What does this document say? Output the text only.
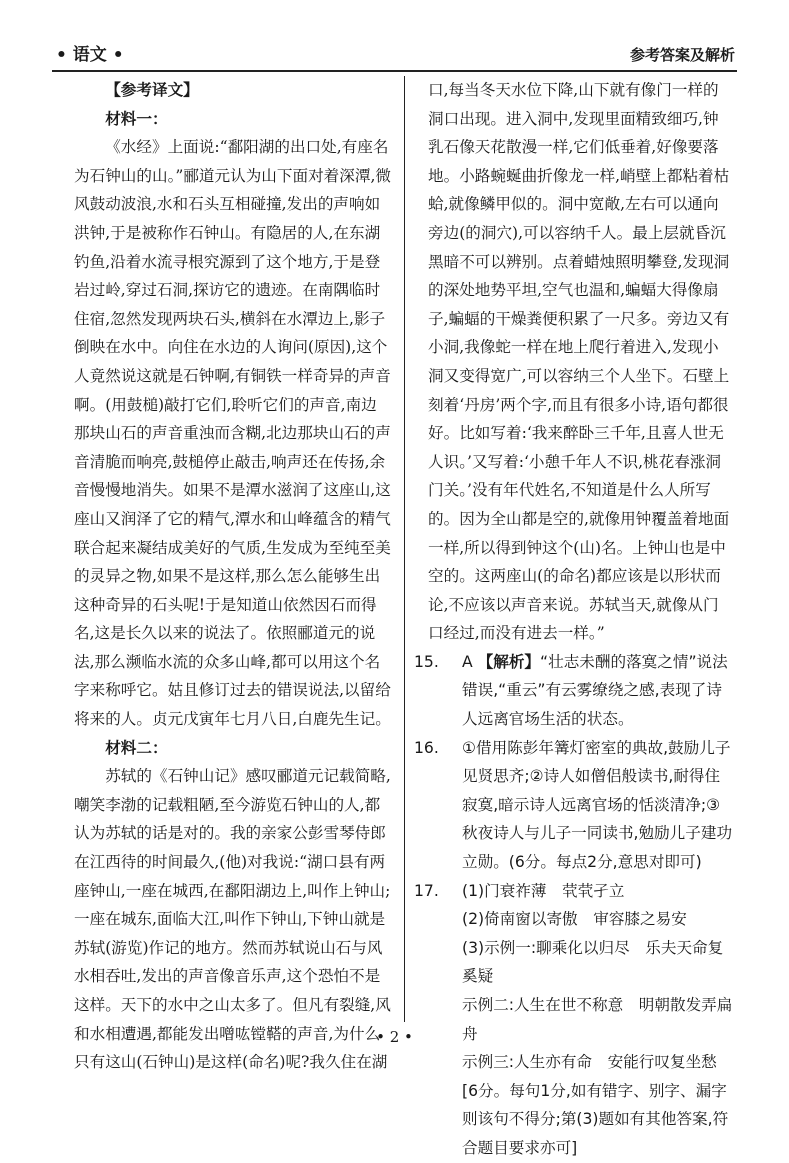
• 语文 •	参考答案及解析

【参考译文】

材料一：

《水经》上面说:“鄱阳湖的出口处,有座名为石钟山的山。”郦道元认为山下面对着深潭,微风鼓动波浪,水和石头互相碰撞,发出的声响如洪钟,于是被称作石钟山。有隐居的人,在东湖钓鱼,沿着水流寻根究源到了这个地方,于是登岩过岭,穿过石洞,探访它的遗迹。在南隅临时住宿,忽然发现两块石头,横斜在水潭边上,影子倒映在水中。向住在水边的人询问(原因),这个人竟然说这就是石钟啊,有铜铁一样奇异的声音啊。(用鼓槌)敲打它们,聆听它们的声音,南边那块山石的声音重浊而含糊,北边那块山石的声音清脆而响亮,鼓槌停止敲击,响声还在传扬,余音慢慢地消失。如果不是潭水滋润了这座山,这座山又润泽了它的精气,潭水和山峰蕴含的精气联合起来凝结成美好的气质,生发成为至纯至美的灵异之物,如果不是这样,那么怎么能够生出这种奇异的石头呢!于是知道山依然因石而得名,这是长久以来的说法了。依照郦道元的说法,那么濒临水流的众多山峰,都可以用这个名字来称呼它。姑且修订过去的错误说法,以留给将来的人。贞元戊寅年七月八日,白鹿先生记。

材料二：

苏轼的《石钟山记》感叹郦道元记载简略,嘲笑李渤的记载粗陋,至今游览石钟山的人,都认为苏轼的话是对的。我的亲家公彭雪琴侍郎在江西待的时间最久,(他)对我说:“湖口县有两座钟山,一座在城西,在鄱阳湖边上,叫作上钟山;一座在城东,面临大江,叫作下钟山,下钟山就是苏轼(游览)作记的地方。然而苏轼说山石与风水相吞吐,发出的声音像音乐声,这个恐怕不是这样。天下的水中之山太多了。但凡有裂缝,风和水相遭遇,都能发出噌吰镗鞳的声音,为什么只有这山(石钟山)是这样(命名)呢?我久住在湖

口,每当冬天水位下降,山下就有像门一样的洞口出现。进入洞中,发现里面精致细巧,钟乳石像天花散漫一样,它们低垂着,好像要落地。小路蜿蜒曲折像龙一样,峭壁上都粘着枯蛤,就像鳞甲似的。洞中宽敞,左右可以通向旁边(的洞穴),可以容纳千人。最上层就昏沉黑暗不可以辨别。点着蜡烛照明攀登,发现洞的深处地势平坦,空气也温和,蝙蝠大得像扇子,蝙蝠的干燥粪便积累了一尺多。旁边又有小洞,我像蛇一样在地上爬行着进入,发现小洞又变得宽广,可以容纳三个人坐下。石壁上刻着‘丹房’两个字,而且有很多小诗,语句都很好。比如写着:‘我来醉卧三千年,且喜人世无人识。’又写着:‘小憩千年人不识,桃花春涨洞门关。’没有年代姓名,不知道是什么人所写的。因为全山都是空的,就像用钟覆盖着地面一样,所以得到钟这个(山)名。上钟山也是中空的。这两座山(的命名)都应该是以形状而论,不应该以声音来说。苏轼当天,就像从门口经过,而没有进去一样。”

15. A 【解析】“壮志未酬的落寞之情”说法错误,“重云”有云雾缭绕之感,表现了诗人远离官场生活的状态。

16. ①借用陈彭年篝灯密室的典故,鼓励儿子见贤思齐;②诗人如僧侣般读书,耐得住寂寞,暗示诗人远离官场的恬淡清净;③秋夜诗人与儿子一同读书,勉励儿子建功立勋。(6分。每点2分,意思对即可)

17. (1)门衰祚薄　茕茕孑立

(2)倚南窗以寄傲　审容膝之易安

(3)示例一:聊乘化以归尽　乐夫天命复奚疑

示例二:人生在世不称意　明朝散发弄扁舟

示例三:人生亦有命　安能行叹复坐愁

[6分。每句1分,如有错字、别字、漏字则该句不得分;第(3)题如有其他答案,符合题目要求亦可]

• 2 •
